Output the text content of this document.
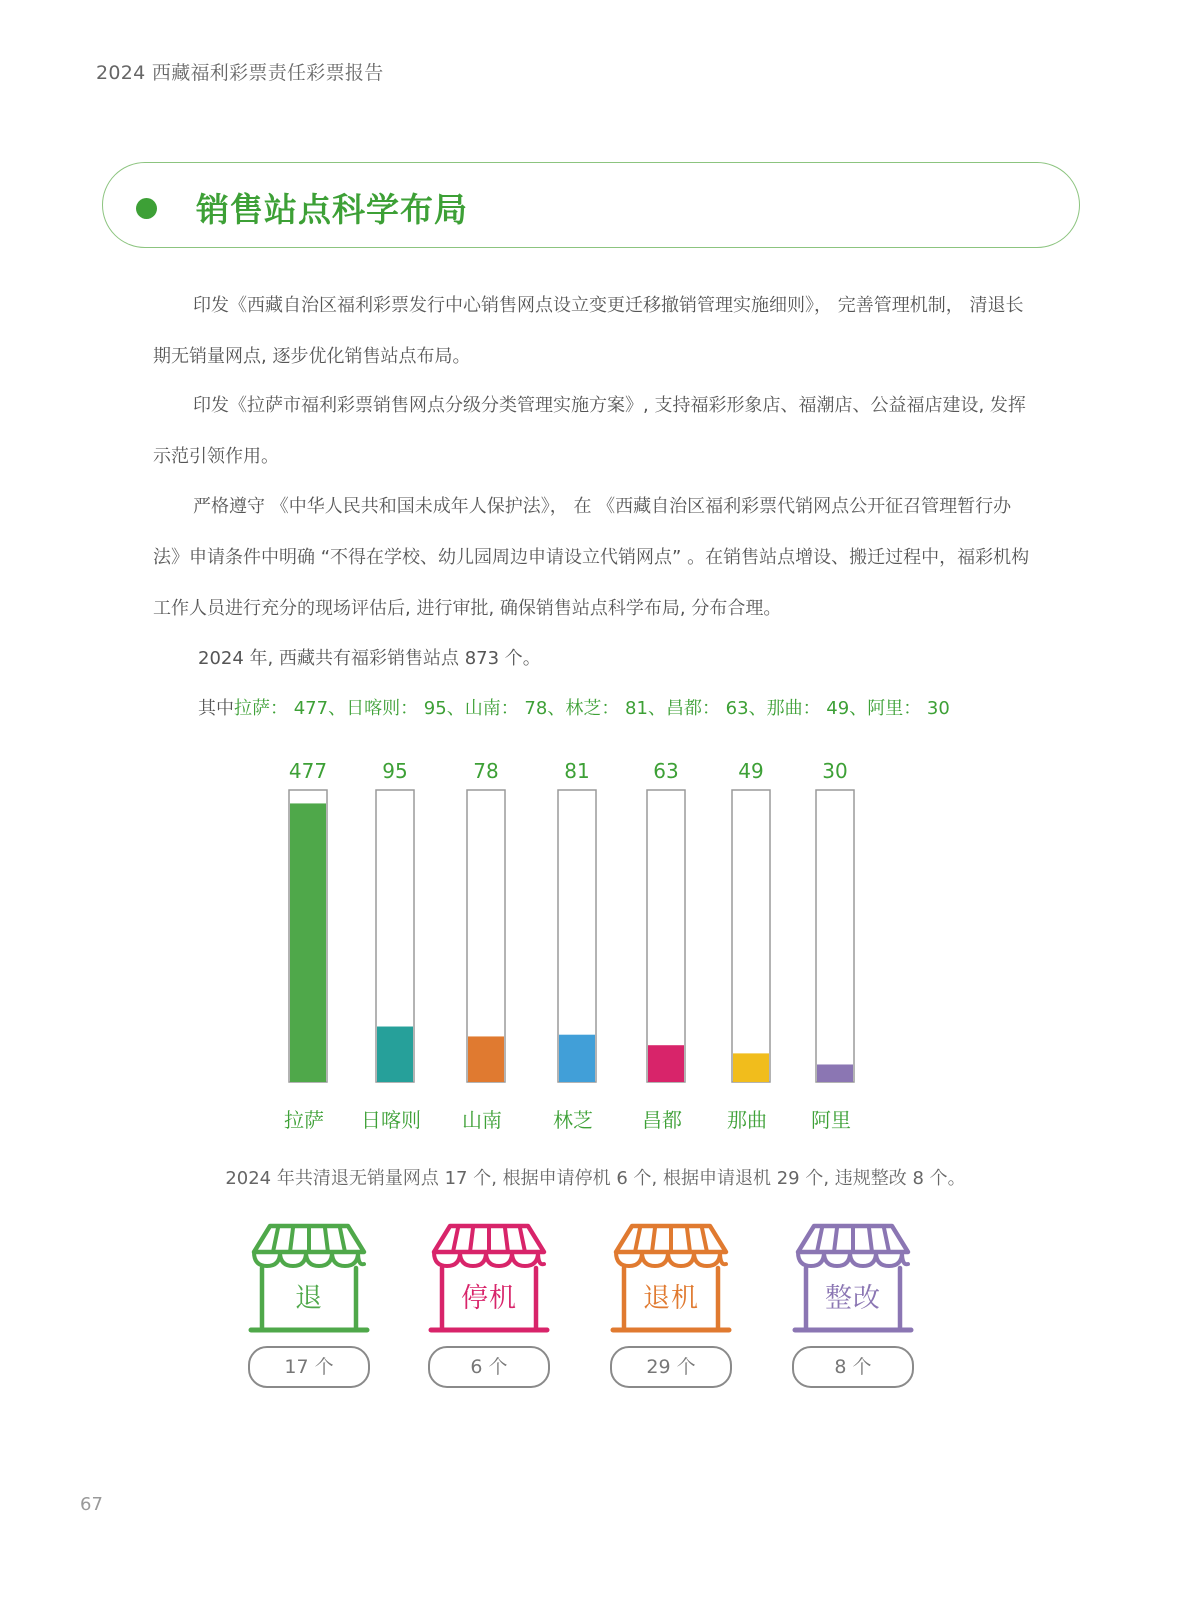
2024 西藏福利彩票责任彩票报告
销售站点科学布局

印发《西藏自治区福利彩票发行中心销售网点设立变更迁移撤销管理实施细则》， 完善管理机制， 清退长
期无销量网点, 逐步优化销售站点布局。

印发《拉萨市福利彩票销售网点分级分类管理实施方案》, 支持福彩形象店、福潮店、公益福店建设, 发挥
示范引领作用。

严格遵守 《中华人民共和国未成年人保护法》， 在 《西藏自治区福利彩票代销网点公开征召管理暂行办
法》申请条件中明确 “不得在学校、幼儿园周边申请设立代销网点” 。在销售站点增设、搬迁过程中，福彩机构
工作人员进行充分的现场评估后, 进行审批, 确保销售站点科学布局, 分布合理。

2024 年, 西藏共有福彩销售站点 873 个。
其中拉萨： 477、日喀则： 95、山南： 78、林芝： 81、昌都： 63、那曲： 49、阿里： 30
477
拉萨
95
日喀则
78
山南
81
林芝
63
昌都
49
那曲
30
阿里
2024 年共清退无销量网点 17 个, 根据申请停机 6 个, 根据申请退机 29 个, 违规整改 8 个。
退
17 个
停机
6 个
退机
29 个
整改
8 个
67
